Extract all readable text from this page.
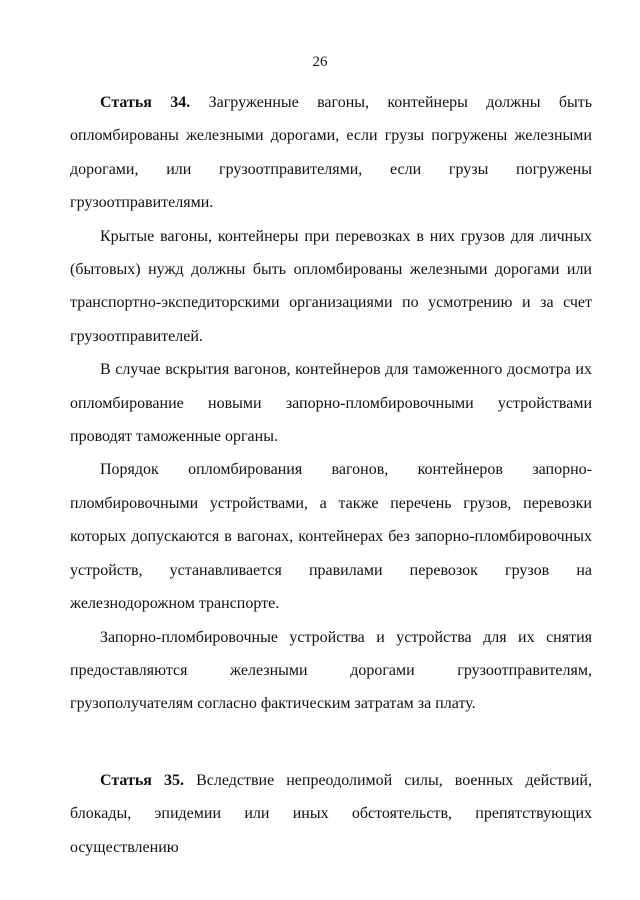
26

Статья 34. Загруженные вагоны, контейнеры должны быть опломбированы железными дорогами, если грузы погружены железными дорогами, или грузоотправителями, если грузы погружены грузоотправителями.

Крытые вагоны, контейнеры при перевозках в них грузов для личных (бытовых) нужд должны быть опломбированы железными дорогами или транспортно-экспедиторскими организациями по усмотрению и за счет грузоотправителей.

В случае вскрытия вагонов, контейнеров для таможенного досмотра их опломбирование новыми запорно-пломбировочными устройствами проводят таможенные органы.

Порядок опломбирования вагонов, контейнеров запорно-пломбировочными устройствами, а также перечень грузов, перевозки которых допускаются в вагонах, контейнерах без запорно-пломбировочных устройств, устанавливается правилами перевозок грузов на железнодорожном транспорте.

Запорно-пломбировочные устройства и устройства для их снятия предоставляются железными дорогами грузоотправителям, грузополучателям согласно фактическим затратам за плату.

Статья 35. Вследствие непреодолимой силы, военных действий, блокады, эпидемии или иных обстоятельств, препятствующих осуществлению
